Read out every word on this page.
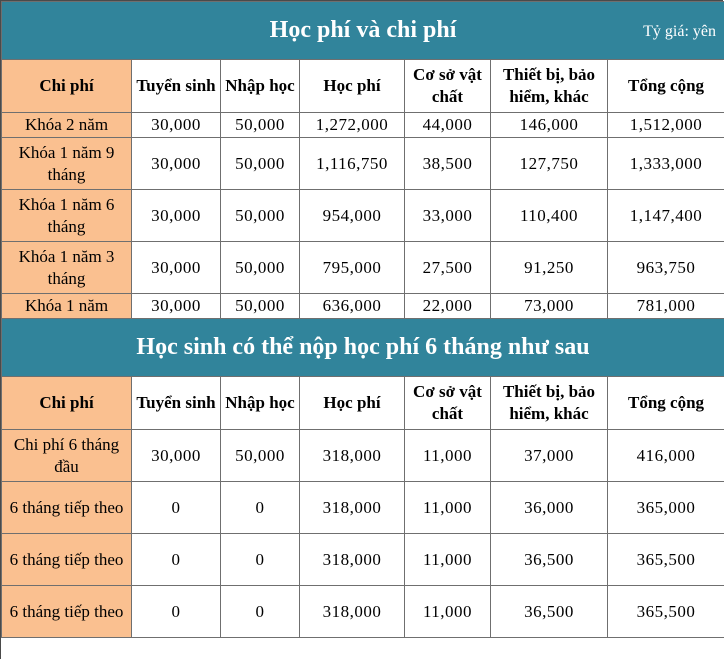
Học phí và chi phí Tỷ giá: yên						

Chi phí	Tuyển sinh	Nhập học	Học phí	Cơ sở vật chất	Thiết bị, bảo hiểm, khác	Tổng cộng
Khóa 2 năm	30,000	50,000	1,272,000	44,000	146,000	1,512,000
Khóa 1 năm 9 tháng	30,000	50,000	1,116,750	38,500	127,750	1,333,000
Khóa 1 năm 6 tháng	30,000	50,000	954,000	33,000	110,400	1,147,400
Khóa 1 năm 3 tháng	30,000	50,000	795,000	27,500	91,250	963,750
Khóa 1 năm	30,000	50,000	636,000	22,000	73,000	781,000
Học sinh có thể nộp học phí 6 tháng như sau						
Chi phí	Tuyển sinh	Nhập học	Học phí	Cơ sở vật chất	Thiết bị, bảo hiểm, khác	Tổng cộng
Chi phí 6 tháng đầu	30,000	50,000	318,000	11,000	37,000	416,000
6 tháng tiếp theo	0	0	318,000	11,000	36,000	365,000
6 tháng tiếp theo	0	0	318,000	11,000	36,500	365,500
6 tháng tiếp theo	0	0	318,000	11,000	36,500	365,500
